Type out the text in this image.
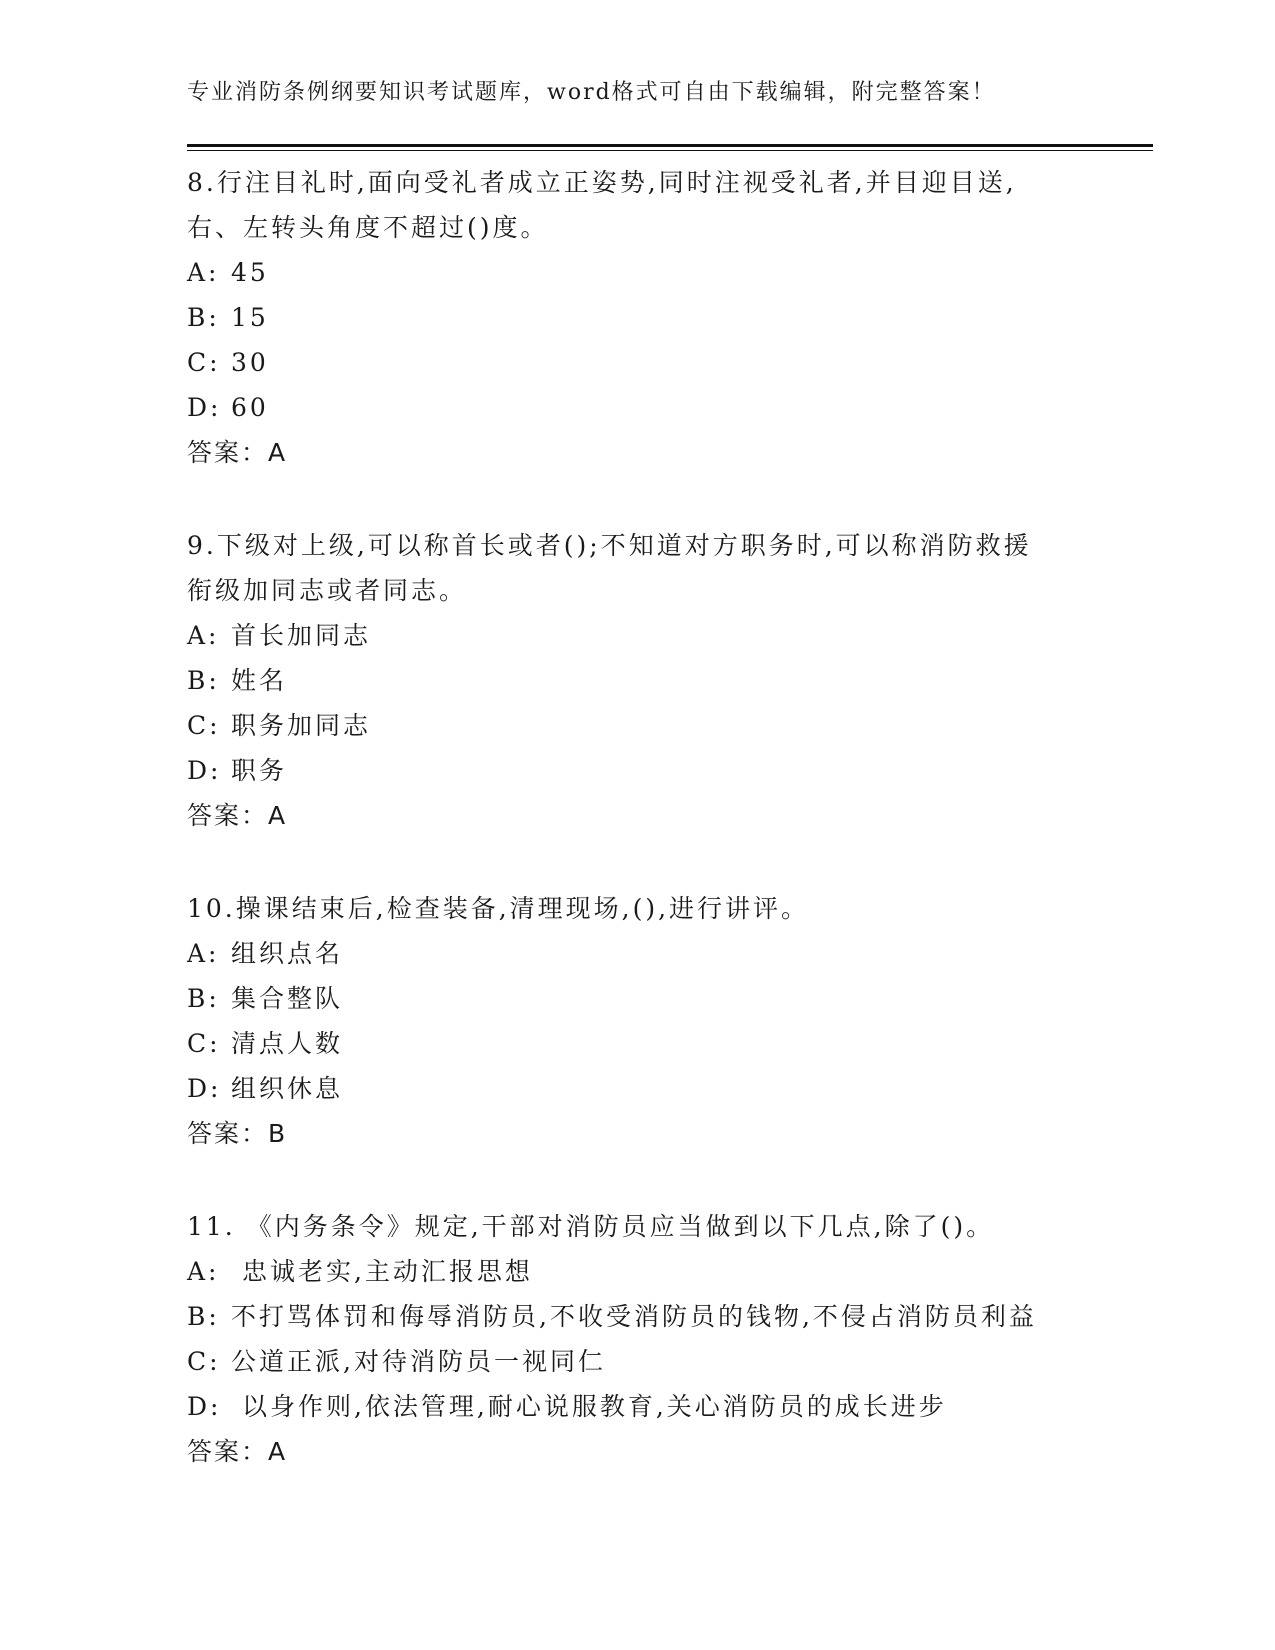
专业消防条例纲要知识考试题库，word格式可自由下载编辑，附完整答案！

8.行注目礼时,面向受礼者成立正姿势,同时注视受礼者,并目迎目送,
右、左转头角度不超过()度。

A: 45

B: 15

C: 30

D: 60

答案：A

9.下级对上级,可以称首长或者();不知道对方职务时,可以称消防救援
衔级加同志或者同志。

A: 首长加同志

B: 姓名

C: 职务加同志

D: 职务

答案：A

10.操课结束后,检查装备,清理现场,(),进行讲评。

A: 组织点名

B: 集合整队

C: 清点人数

D: 组织休息

答案：B

11. 《内务条令》规定,干部对消防员应当做到以下几点,除了()。

A: 忠诚老实,主动汇报思想

B: 不打骂体罚和侮辱消防员,不收受消防员的钱物,不侵占消防员利益

C: 公道正派,对待消防员一视同仁

D: 以身作则,依法管理,耐心说服教育,关心消防员的成长进步

答案：A
